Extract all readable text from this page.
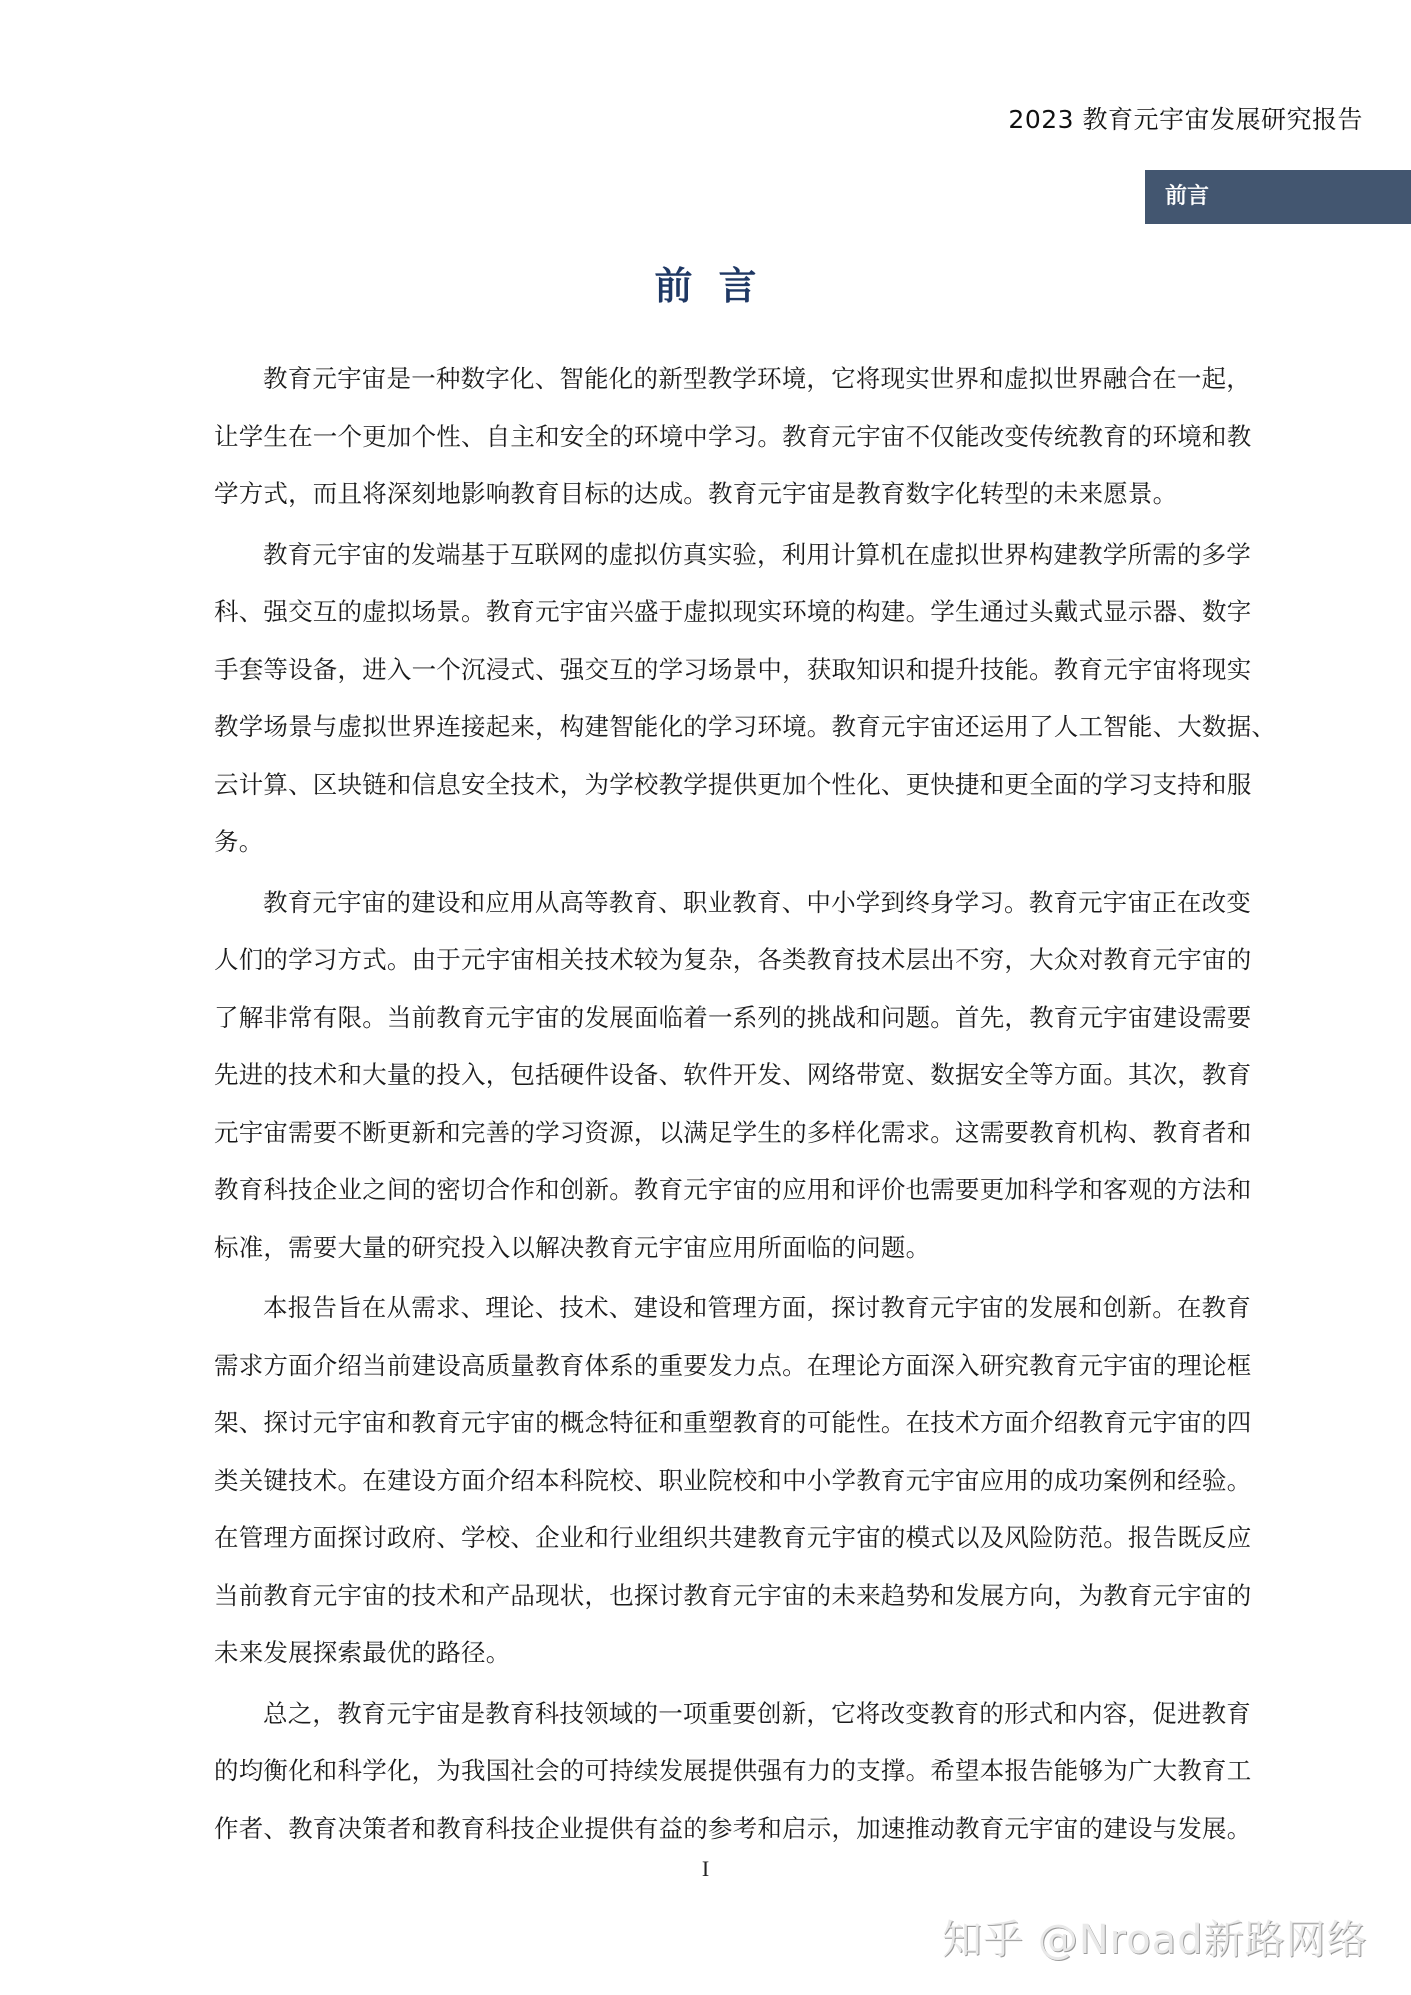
2023 教育元宇宙发展研究报告
前言
前言
教育元宇宙是一种数字化、智能化的新型教学环境，它将现实世界和虚拟世界融合在一起，
让学生在一个更加个性、自主和安全的环境中学习。教育元宇宙不仅能改变传统教育的环境和教
学方式，而且将深刻地影响教育目标的达成。教育元宇宙是教育数字化转型的未来愿景。
教育元宇宙的发端基于互联网的虚拟仿真实验，利用计算机在虚拟世界构建教学所需的多学
科、强交互的虚拟场景。教育元宇宙兴盛于虚拟现实环境的构建。学生通过头戴式显示器、数字
手套等设备，进入一个沉浸式、强交互的学习场景中，获取知识和提升技能。教育元宇宙将现实
教学场景与虚拟世界连接起来，构建智能化的学习环境。教育元宇宙还运用了人工智能、大数据、
云计算、区块链和信息安全技术，为学校教学提供更加个性化、更快捷和更全面的学习支持和服
务。
教育元宇宙的建设和应用从高等教育、职业教育、中小学到终身学习。教育元宇宙正在改变
人们的学习方式。由于元宇宙相关技术较为复杂，各类教育技术层出不穷，大众对教育元宇宙的
了解非常有限。当前教育元宇宙的发展面临着一系列的挑战和问题。首先，教育元宇宙建设需要
先进的技术和大量的投入，包括硬件设备、软件开发、网络带宽、数据安全等方面。其次，教育
元宇宙需要不断更新和完善的学习资源，以满足学生的多样化需求。这需要教育机构、教育者和
教育科技企业之间的密切合作和创新。教育元宇宙的应用和评价也需要更加科学和客观的方法和
标准，需要大量的研究投入以解决教育元宇宙应用所面临的问题。
本报告旨在从需求、理论、技术、建设和管理方面，探讨教育元宇宙的发展和创新。在教育
需求方面介绍当前建设高质量教育体系的重要发力点。在理论方面深入研究教育元宇宙的理论框
架、探讨元宇宙和教育元宇宙的概念特征和重塑教育的可能性。在技术方面介绍教育元宇宙的四
类关键技术。在建设方面介绍本科院校、职业院校和中小学教育元宇宙应用的成功案例和经验。
在管理方面探讨政府、学校、企业和行业组织共建教育元宇宙的模式以及风险防范。报告既反应
当前教育元宇宙的技术和产品现状，也探讨教育元宇宙的未来趋势和发展方向，为教育元宇宙的
未来发展探索最优的路径。
总之，教育元宇宙是教育科技领域的一项重要创新，它将改变教育的形式和内容，促进教育
的均衡化和科学化，为我国社会的可持续发展提供强有力的支撑。希望本报告能够为广大教育工
作者、教育决策者和教育科技企业提供有益的参考和启示，加速推动教育元宇宙的建设与发展。
I
知乎 @Nroad新路网络
